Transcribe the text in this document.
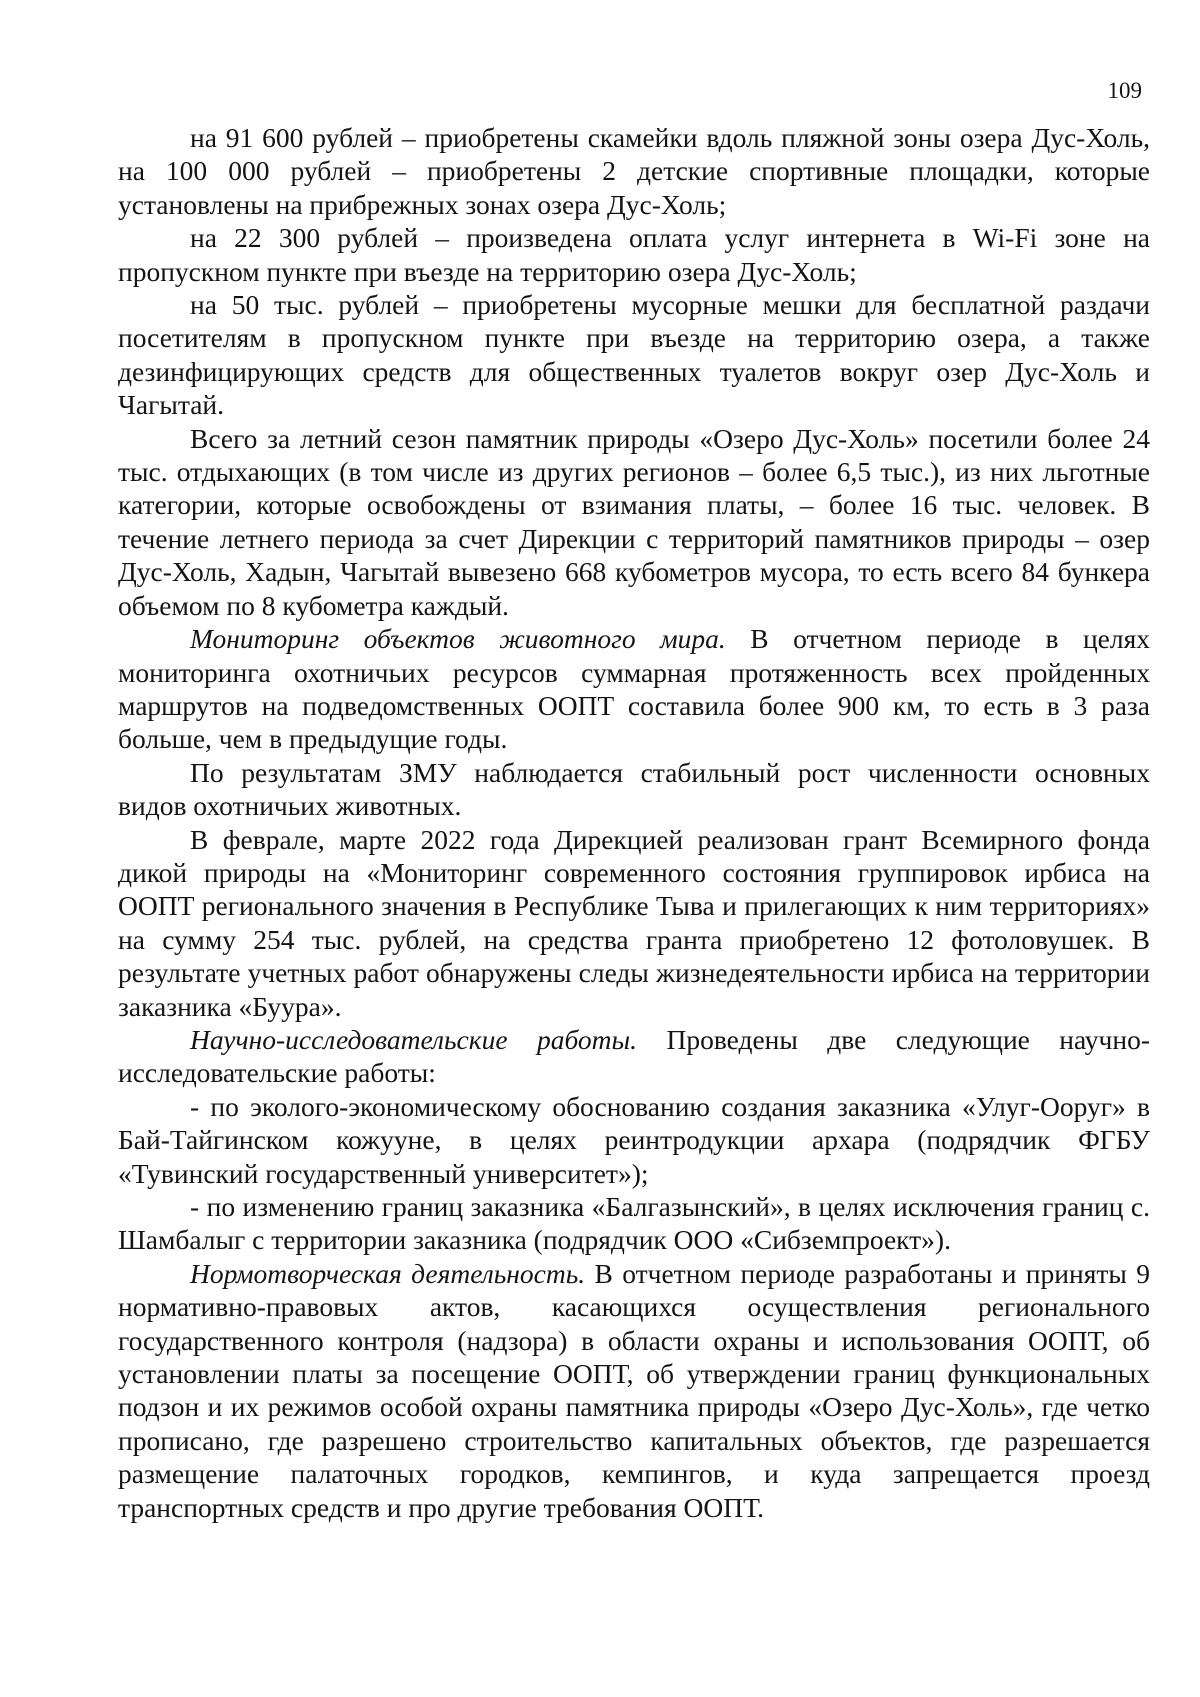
109

на 91 600 рублей – приобретены скамейки вдоль пляжной зоны озера Дус-Холь, на 100 000 рублей – приобретены 2 детские спортивные площадки, которые установлены на прибрежных зонах озера Дус-Холь;

на 22 300 рублей – произведена оплата услуг интернета в Wi-Fi зоне на пропускном пункте при въезде на территорию озера Дус-Холь;

на 50 тыс. рублей – приобретены мусорные мешки для бесплатной раздачи посетителям в пропускном пункте при въезде на территорию озера, а также дезинфицирующих средств для общественных туалетов вокруг озер Дус-Холь и Чагытай.

Всего за летний сезон памятник природы «Озеро Дус-Холь» посетили более 24 тыс. отдыхающих (в том числе из других регионов – более 6,5 тыс.), из них льготные категории, которые освобождены от взимания платы, – более 16 тыс. человек. В течение летнего периода за счет Дирекции с территорий памятников природы – озер Дус-Холь, Хадын, Чагытай вывезено 668 кубометров мусора, то есть всего 84 бункера объемом по 8 кубометра каждый.

Мониторинг объектов животного мира. В отчетном периоде в целях мониторинга охотничьих ресурсов суммарная протяженность всех пройденных маршрутов на подведомственных ООПТ составила более 900 км, то есть в 3 раза больше, чем в предыдущие годы.

По результатам ЗМУ наблюдается стабильный рост численности основных видов охотничьих животных.

В феврале, марте 2022 года Дирекцией реализован грант Всемирного фонда дикой природы на «Мониторинг современного состояния группировок ирбиса на ООПТ регионального значения в Республике Тыва и прилегающих к ним территориях» на сумму 254 тыс. рублей, на средства гранта приобретено 12 фотоловушек. В результате учетных работ обнаружены следы жизнедеятельности ирбиса на территории заказника «Буура».

Научно-исследовательские работы. Проведены две следующие научно-исследовательские работы:

- по эколого-экономическому обоснованию создания заказника «Улуг-Ооруг» в Бай-Тайгинском кожууне, в целях реинтродукции архара (подрядчик ФГБУ «Тувинский государственный университет»);

- по изменению границ заказника «Балгазынский», в целях исключения границ с. Шамбалыг с территории заказника (подрядчик ООО «Сибземпроект»).

Нормотворческая деятельность. В отчетном периоде разработаны и приняты 9 нормативно-правовых актов, касающихся осуществления регионального государственного контроля (надзора) в области охраны и использования ООПТ, об установлении платы за посещение ООПТ, об утверждении границ функциональных подзон и их режимов особой охраны памятника природы «Озеро Дус-Холь», где четко прописано, где разрешено строительство капитальных объектов, где разрешается размещение палаточных городков, кемпингов, и куда запрещается проезд транспортных средств и про другие требования ООПТ.
